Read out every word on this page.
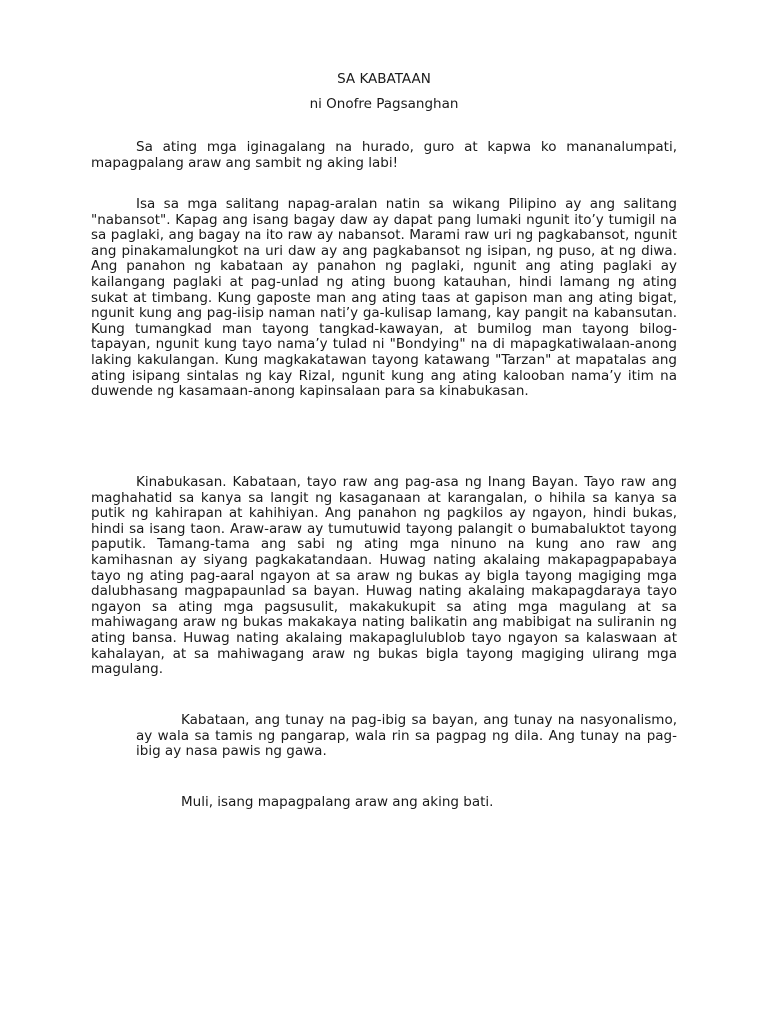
SA KABATAAN

ni Onofre Pagsanghan

Sa ating mga iginagalang na hurado, guro at kapwa ko mananalumpati, mapagpalang araw ang sambit ng aking labi!

Isa sa mga salitang napag-aralan natin sa wikang Pilipino ay ang salitang "nabansot". Kapag ang isang bagay daw ay dapat pang lumaki ngunit ito’y tumigil na sa paglaki, ang bagay na ito raw ay nabansot. Marami raw uri ng pagkabansot, ngunit ang pinakamalungkot na uri daw ay ang pagkabansot ng isipan, ng puso, at ng diwa. Ang panahon ng kabataan ay panahon ng paglaki, ngunit ang ating paglaki ay kailangang paglaki at pag-unlad ng ating buong katauhan, hindi lamang ng ating sukat at timbang. Kung gaposte man ang ating taas at gapison man ang ating bigat, ngunit kung ang pag-iisip naman nati’y ga-kulisap lamang, kay pangit na kabansutan. Kung tumangkad man tayong tangkad-kawayan, at bumilog man tayong bilog-tapayan, ngunit kung tayo nama’y tulad ni "Bondying" na di mapagkatiwalaan-anong laking kakulangan. Kung magkakatawan tayong katawang "Tarzan" at mapatalas ang ating isipang sintalas ng kay Rizal, ngunit kung ang ating kalooban nama’y itim na duwende ng kasamaan-anong kapinsalaan para sa kinabukasan.

Kinabukasan. Kabataan, tayo raw ang pag-asa ng Inang Bayan. Tayo raw ang maghahatid sa kanya sa langit ng kasaganaan at karangalan, o hihila sa kanya sa putik ng kahirapan at kahihiyan. Ang panahon ng pagkilos ay ngayon, hindi bukas, hindi sa isang taon. Araw-araw ay tumutuwid tayong palangit o bumabaluktot tayong paputik. Tamang-tama ang sabi ng ating mga ninuno na kung ano raw ang kamihasnan ay siyang pagkakatandaan. Huwag nating akalaing makapagpapabaya tayo ng ating pag-aaral ngayon at sa araw ng bukas ay bigla tayong magiging mga dalubhasang magpapaunlad sa bayan. Huwag nating akalaing makapagdaraya tayo ngayon sa ating mga pagsusulit, makakukupit sa ating mga magulang at sa mahiwagang araw ng bukas makakaya nating balikatin ang mabibigat na suliranin ng ating bansa. Huwag nating akalaing makapaglulublob tayo ngayon sa kalaswaan at kahalayan, at sa mahiwagang araw ng bukas bigla tayong magiging ulirang mga magulang.

Kabataan, ang tunay na pag-ibig sa bayan, ang tunay na nasyonalismo, ay wala sa tamis ng pangarap, wala rin sa pagpag ng dila. Ang tunay na pag-ibig ay nasa pawis ng gawa.

Muli, isang mapagpalang araw ang aking bati.
